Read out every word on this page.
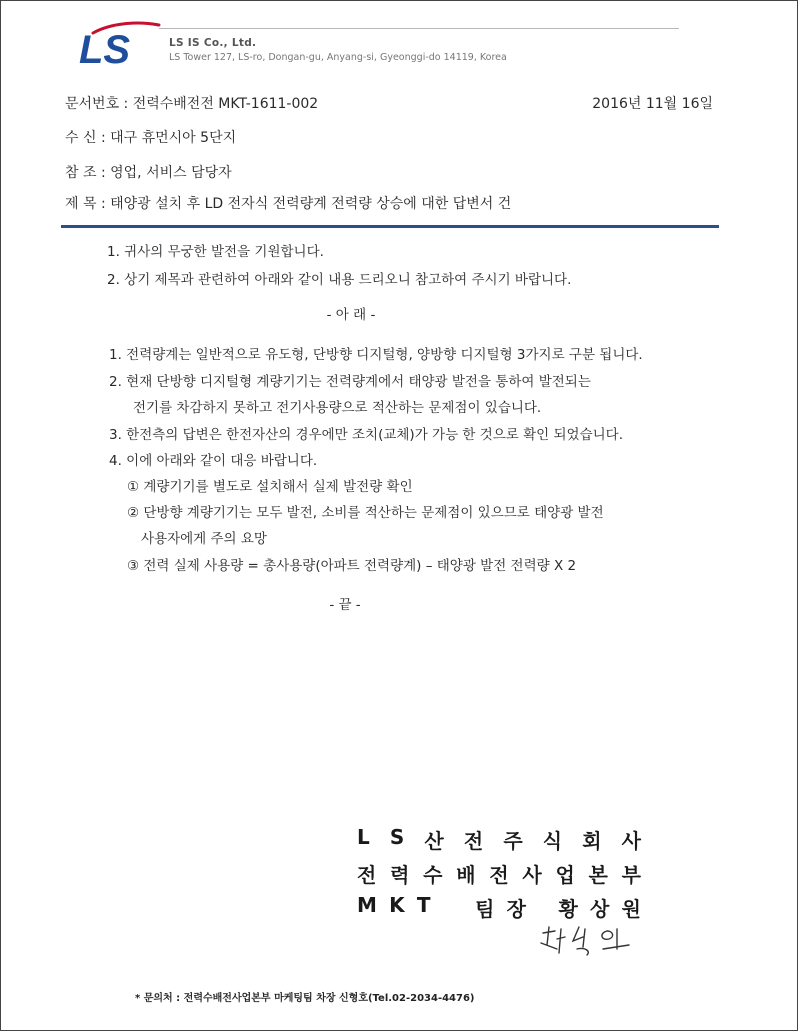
LS	LS IS Co., Ltd.
LS Tower 127, LS-ro, Dongan-gu, Anyang-si, Gyeonggi-do 14119, Korea
문서번호 : 전력수배전전 MKT-1611-002	2016년 11월 16일
수 신 : 대구 휴먼시아 5단지
참 조 : 영업, 서비스 담당자
제 목 : 태양광 설치 후 LD 전자식 전력량계 전력량 상승에 대한 답변서 건
1. 귀사의 무궁한 발전을 기원합니다.
2. 상기 제목과 관련하여 아래와 같이 내용 드리오니 참고하여 주시기 바랍니다.
- 아 래 -
1. 전력량계는 일반적으로 유도형, 단방향 디지털형, 양방향 디지털형 3가지로 구분 됩니다.
2. 현재 단방향 디지털형 계량기기는 전력량계에서 태양광 발전을 통하여 발전되는
전기를 차감하지 못하고 전기사용량으로 적산하는 문제점이 있습니다.
3. 한전측의 답변은 한전자산의 경우에만 조치(교체)가 가능 한 것으로 확인 되었습니다.
4. 이에 아래와 같이 대응 바랍니다.
① 계량기기를 별도로 설치해서 실제 발전량 확인
② 단방향 계량기기는 모두 발전, 소비를 적산하는 문제점이 있으므로 태양광 발전
사용자에게 주의 요망
③ 전력 실제 사용량 = 총사용량(아파트 전력량계) – 태양광 발전 전력량 X 2
- 끝 -
L S 산 전 주 식 회 사
전 력 수 배 전 사 업 본 부
M K T 팀 장 황 상 원
* 문의처 : 전력수배전사업본부 마케팅팀 차장 신형호(Tel.02-2034-4476)
